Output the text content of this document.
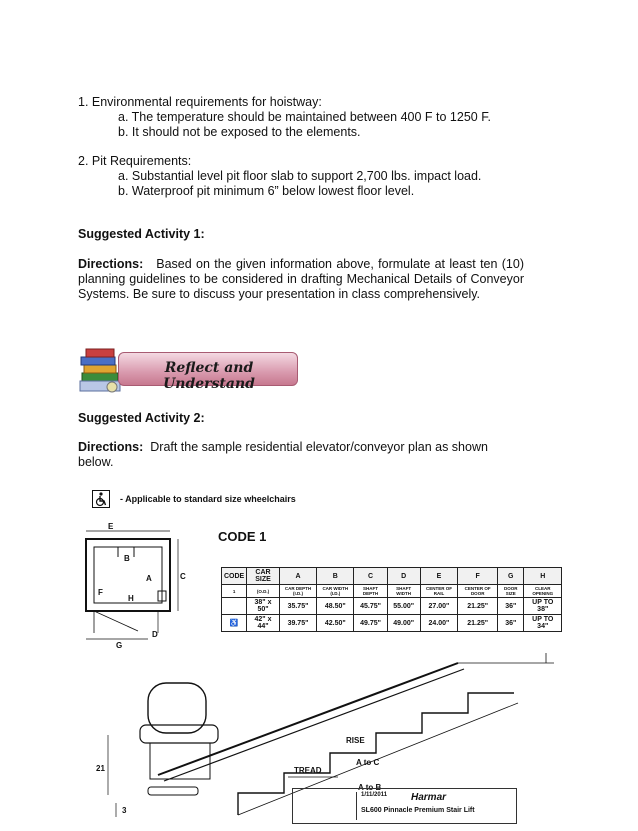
1. Environmental requirements for hoistway:
a. The temperature should be maintained between 400 F to 1250 F.
b. It should not be exposed to the elements.
2. Pit Requirements:
a. Substantial level pit floor slab to support 2,700 lbs. impact load.
b. Waterproof pit minimum 6” below lowest floor level.
Suggested Activity 1:
Directions: Based on the given information above, formulate at least ten (10) planning guidelines to be considered in drafting Mechanical Details of Conveyor Systems. Be sure to discuss your presentation in class comprehensively.
Reflect and Understand
Suggested Activity 2:
Directions: Draft the sample residential elevator/conveyor plan as shown
below.
- Applicable to standard size wheelchairs
E
B
A	C
F
H
D
G
CODE 1
CODE	CAR SIZE	A	B	C	D	E	F	G	H
1	(O.D.)	CAR DEPTH (I.D.)	CAR WIDTH (I.D.)	SHAFT DEPTH	SHAFT WIDTH	CENTER OF RAIL	CENTER OF DOOR	DOOR SIZE	CLEAR OPENING
	38" x 50"	35.75"	48.50"	45.75"	55.00"	27.00"	21.25"	36"	UP TO 38"
♿	42" x 44"	39.75"	42.50"	49.75"	49.00"	24.00"	21.25"	36"	UP TO 34"
RISE
A to C
A to B
TREAD
21
3
1/11/2011 Harmar
SL600 Pinnacle Premium Stair Lift
